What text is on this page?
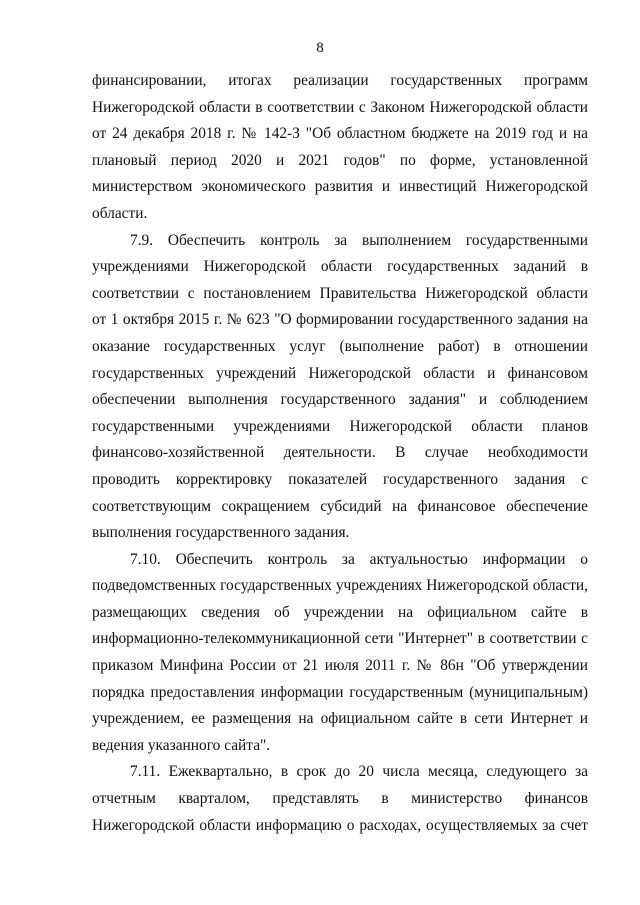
8
финансировании, итогах реализации государственных программ
Нижегородской области в соответствии с Законом Нижегородской области
от 24 декабря 2018 г. № 142-З "Об областном бюджете на 2019 год и на
плановый период 2020 и 2021 годов" по форме, установленной
министерством экономического развития и инвестиций Нижегородской
области.
7.9. Обеспечить контроль за выполнением государственными
учреждениями Нижегородской области государственных заданий в
соответствии с постановлением Правительства Нижегородской области
от 1 октября 2015 г. № 623 "О формировании государственного задания на
оказание государственных услуг (выполнение работ) в отношении
государственных учреждений Нижегородской области и финансовом
обеспечении выполнения государственного задания" и соблюдением
государственными учреждениями Нижегородской области планов
финансово-хозяйственной деятельности. В случае необходимости
проводить корректировку показателей государственного задания с
соответствующим сокращением субсидий на финансовое обеспечение
выполнения государственного задания.
7.10. Обеспечить контроль за актуальностью информации о
подведомственных государственных учреждениях Нижегородской области,
размещающих сведения об учреждении на официальном сайте в
информационно-телекоммуникационной сети "Интернет" в соответствии с
приказом Минфина России от 21 июля 2011 г. № 86н "Об утверждении
порядка предоставления информации государственным (муниципальным)
учреждением, ее размещения на официальном сайте в сети Интернет и
ведения указанного сайта".
7.11. Ежеквартально, в срок до 20 числа месяца, следующего за
отчетным кварталом, представлять в министерство финансов
Нижегородской области информацию о расходах, осуществляемых за счет
